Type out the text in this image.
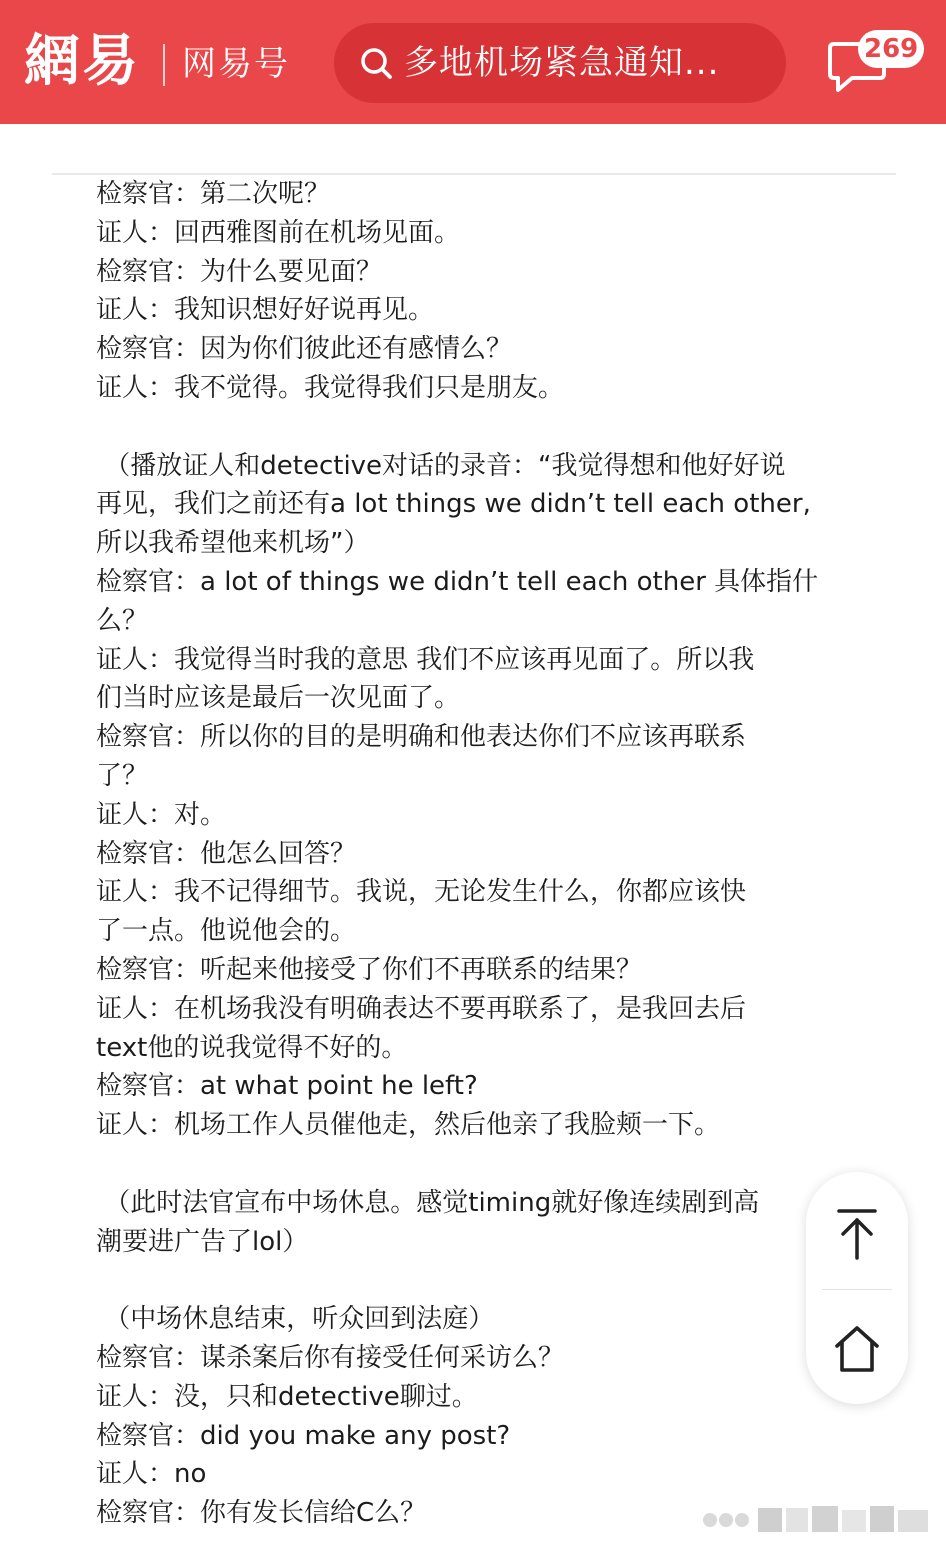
網易 网易号	多地机场紧急通知...	269
检察官：第二次呢？
证人：回西雅图前在机场见面。
检察官：为什么要见面？
证人：我知识想好好说再见。
检察官：因为你们彼此还有感情么？
证人：我不觉得。我觉得我们只是朋友。
（播放证人和detective对话的录音：“我觉得想和他好好说
再见，我们之前还有a lot things we didn’t tell each other,
所以我希望他来机场”）
检察官：a lot of things we didn’t tell each other 具体指什
么？
证人：我觉得当时我的意思 我们不应该再见面了。所以我
们当时应该是最后一次见面了。
检察官：所以你的目的是明确和他表达你们不应该再联系
了？
证人：对。
检察官：他怎么回答？
证人：我不记得细节。我说，无论发生什么，你都应该快
了一点。他说他会的。
检察官：听起来他接受了你们不再联系的结果？
证人：在机场我没有明确表达不要再联系了，是我回去后
text他的说我觉得不好的。
检察官：at what point he left?
证人：机场工作人员催他走，然后他亲了我脸颊一下。
（此时法官宣布中场休息。感觉timing就好像连续剧到高
潮要进广告了lol）
（中场休息结束，听众回到法庭）
检察官：谋杀案后你有接受任何采访么？
证人：没，只和detective聊过。
检察官：did you make any post?
证人：no
检察官：你有发长信给C么？
